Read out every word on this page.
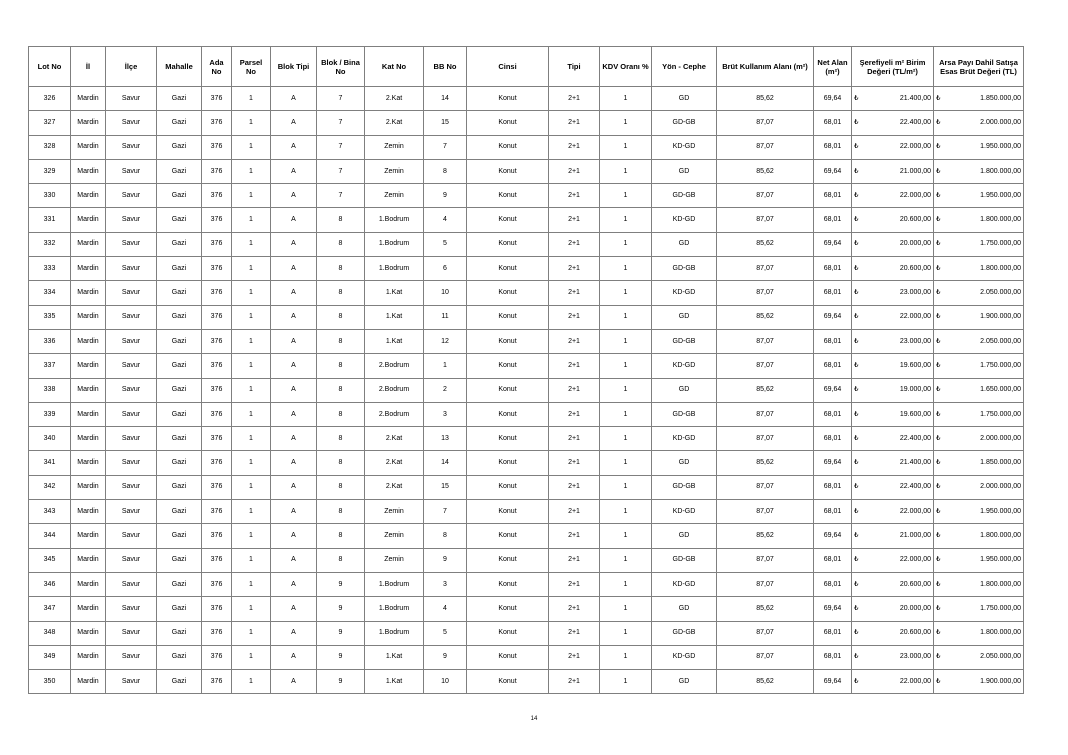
Lot No	İl	İlçe	Mahalle	Ada No	Parsel No	Blok Tipi	Blok / Bina No	Kat No	BB No	Cinsi	Tipi	KDV Oranı %	Yön - Cephe	Brüt Kullanım Alanı (m²)	Net Alan (m²)	Şerefiyeli m² Birim Değeri (TL/m²)	Arsa Payı Dahil Satışa Esas Brüt Değeri (TL)
326	Mardin	Savur	Gazi	376	1	A	7	2.Kat	14	Konut	2+1	1	GD	85,62	69,64	₺ 21.400,00	₺ 1.850.000,00

327	Mardin	Savur	Gazi	376	1	A	7	2.Kat	15	Konut	2+1	1	GD-GB	87,07	68,01	₺ 22.400,00	₺ 2.000.000,00

328	Mardin	Savur	Gazi	376	1	A	7	Zemin	7	Konut	2+1	1	KD-GD	87,07	68,01	₺ 22.000,00	₺ 1.950.000,00

329	Mardin	Savur	Gazi	376	1	A	7	Zemin	8	Konut	2+1	1	GD	85,62	69,64	₺ 21.000,00	₺ 1.800.000,00

330	Mardin	Savur	Gazi	376	1	A	7	Zemin	9	Konut	2+1	1	GD-GB	87,07	68,01	₺ 22.000,00	₺ 1.950.000,00

331	Mardin	Savur	Gazi	376	1	A	8	1.Bodrum	4	Konut	2+1	1	KD-GD	87,07	68,01	₺ 20.600,00	₺ 1.800.000,00

332	Mardin	Savur	Gazi	376	1	A	8	1.Bodrum	5	Konut	2+1	1	GD	85,62	69,64	₺ 20.000,00	₺ 1.750.000,00

333	Mardin	Savur	Gazi	376	1	A	8	1.Bodrum	6	Konut	2+1	1	GD-GB	87,07	68,01	₺ 20.600,00	₺ 1.800.000,00

334	Mardin	Savur	Gazi	376	1	A	8	1.Kat	10	Konut	2+1	1	KD-GD	87,07	68,01	₺ 23.000,00	₺ 2.050.000,00

335	Mardin	Savur	Gazi	376	1	A	8	1.Kat	11	Konut	2+1	1	GD	85,62	69,64	₺ 22.000,00	₺ 1.900.000,00

336	Mardin	Savur	Gazi	376	1	A	8	1.Kat	12	Konut	2+1	1	GD-GB	87,07	68,01	₺ 23.000,00	₺ 2.050.000,00

337	Mardin	Savur	Gazi	376	1	A	8	2.Bodrum	1	Konut	2+1	1	KD-GD	87,07	68,01	₺ 19.600,00	₺ 1.750.000,00

338	Mardin	Savur	Gazi	376	1	A	8	2.Bodrum	2	Konut	2+1	1	GD	85,62	69,64	₺ 19.000,00	₺ 1.650.000,00

339	Mardin	Savur	Gazi	376	1	A	8	2.Bodrum	3	Konut	2+1	1	GD-GB	87,07	68,01	₺ 19.600,00	₺ 1.750.000,00

340	Mardin	Savur	Gazi	376	1	A	8	2.Kat	13	Konut	2+1	1	KD-GD	87,07	68,01	₺ 22.400,00	₺ 2.000.000,00

341	Mardin	Savur	Gazi	376	1	A	8	2.Kat	14	Konut	2+1	1	GD	85,62	69,64	₺ 21.400,00	₺ 1.850.000,00

342	Mardin	Savur	Gazi	376	1	A	8	2.Kat	15	Konut	2+1	1	GD-GB	87,07	68,01	₺ 22.400,00	₺ 2.000.000,00

343	Mardin	Savur	Gazi	376	1	A	8	Zemin	7	Konut	2+1	1	KD-GD	87,07	68,01	₺ 22.000,00	₺ 1.950.000,00

344	Mardin	Savur	Gazi	376	1	A	8	Zemin	8	Konut	2+1	1	GD	85,62	69,64	₺ 21.000,00	₺ 1.800.000,00

345	Mardin	Savur	Gazi	376	1	A	8	Zemin	9	Konut	2+1	1	GD-GB	87,07	68,01	₺ 22.000,00	₺ 1.950.000,00

346	Mardin	Savur	Gazi	376	1	A	9	1.Bodrum	3	Konut	2+1	1	KD-GD	87,07	68,01	₺ 20.600,00	₺ 1.800.000,00

347	Mardin	Savur	Gazi	376	1	A	9	1.Bodrum	4	Konut	2+1	1	GD	85,62	69,64	₺ 20.000,00	₺ 1.750.000,00

348	Mardin	Savur	Gazi	376	1	A	9	1.Bodrum	5	Konut	2+1	1	GD-GB	87,07	68,01	₺ 20.600,00	₺ 1.800.000,00

349	Mardin	Savur	Gazi	376	1	A	9	1.Kat	9	Konut	2+1	1	KD-GD	87,07	68,01	₺ 23.000,00	₺ 2.050.000,00

350	Mardin	Savur	Gazi	376	1	A	9	1.Kat	10	Konut	2+1	1	GD	85,62	69,64	₺ 22.000,00	₺ 1.900.000,00
14
